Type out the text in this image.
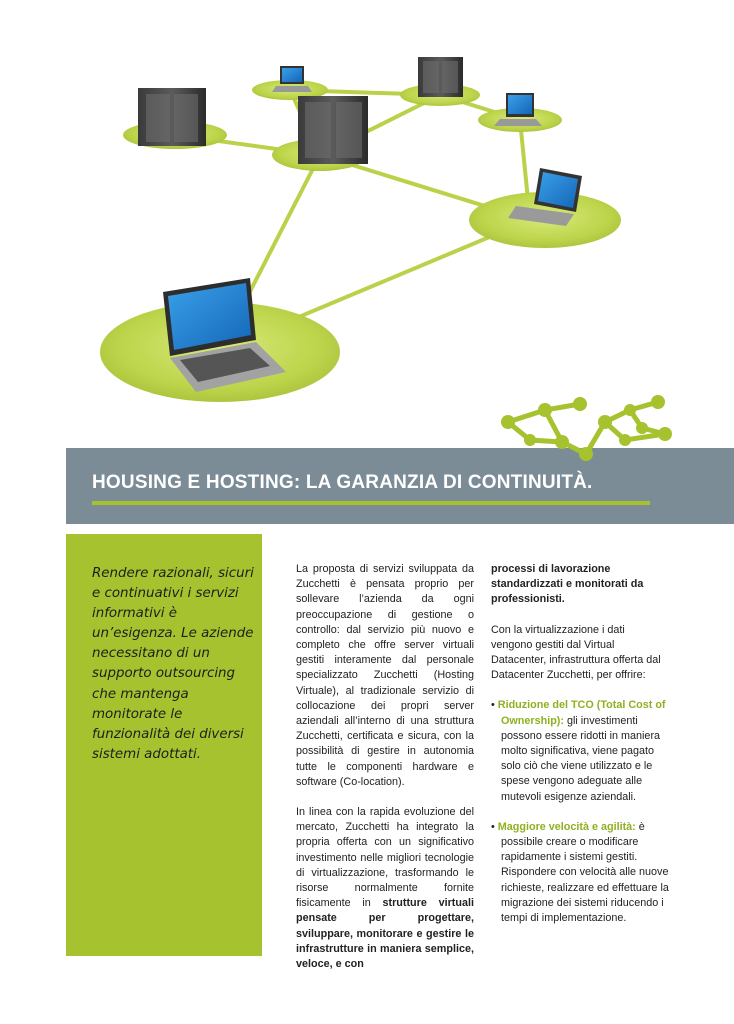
HOUSING E HOSTING: LA GARANZIA DI CONTINUITÀ.
Rendere razionali, sicuri e continuativi i servizi informativi è un’esigenza. Le aziende necessitano di un supporto outsourcing che mantenga monitorate le funzionalità dei diversi sistemi adottati.

La proposta di servizi sviluppata da Zucchetti è pensata proprio per sollevare l’azienda da ogni preoccupazione di gestione o controllo: dal servizio più nuovo e completo che offre server virtuali gestiti interamente dal personale specializzato Zucchetti (Hosting Virtuale), al tradizionale servizio di collocazione dei propri server aziendali all’interno di una struttura Zucchetti, certificata e sicura, con la possibilità di gestire in autonomia tutte le componenti hardware e software (Co-location).

In linea con la rapida evoluzione del mercato, Zucchetti ha integrato la propria offerta con un significativo investimento nelle migliori tecnologie di virtualizzazione, trasformando le risorse normalmente fornite fisicamente in strutture virtuali pensate per progettare, sviluppare, monitorare e gestire le infrastrutture in maniera semplice, veloce, e con

processi di lavorazione standardizzati e monitorati da professionisti.

Con la virtualizzazione i dati vengono gestiti dal Virtual Datacenter, infrastruttura offerta dal Datacenter Zucchetti, per offrire:

• Riduzione del TCO (Total Cost of Ownership): gli investimenti possono essere ridotti in maniera molto significativa, viene pagato solo ciò che viene utilizzato e le spese vengono adeguate alle mutevoli esigenze aziendali.

• Maggiore velocità e agilità: è possibile creare o modificare rapidamente i sistemi gestiti. Rispondere con velocità alle nuove richieste, realizzare ed effettuare la migrazione dei sistemi riducendo i tempi di implementazione.
